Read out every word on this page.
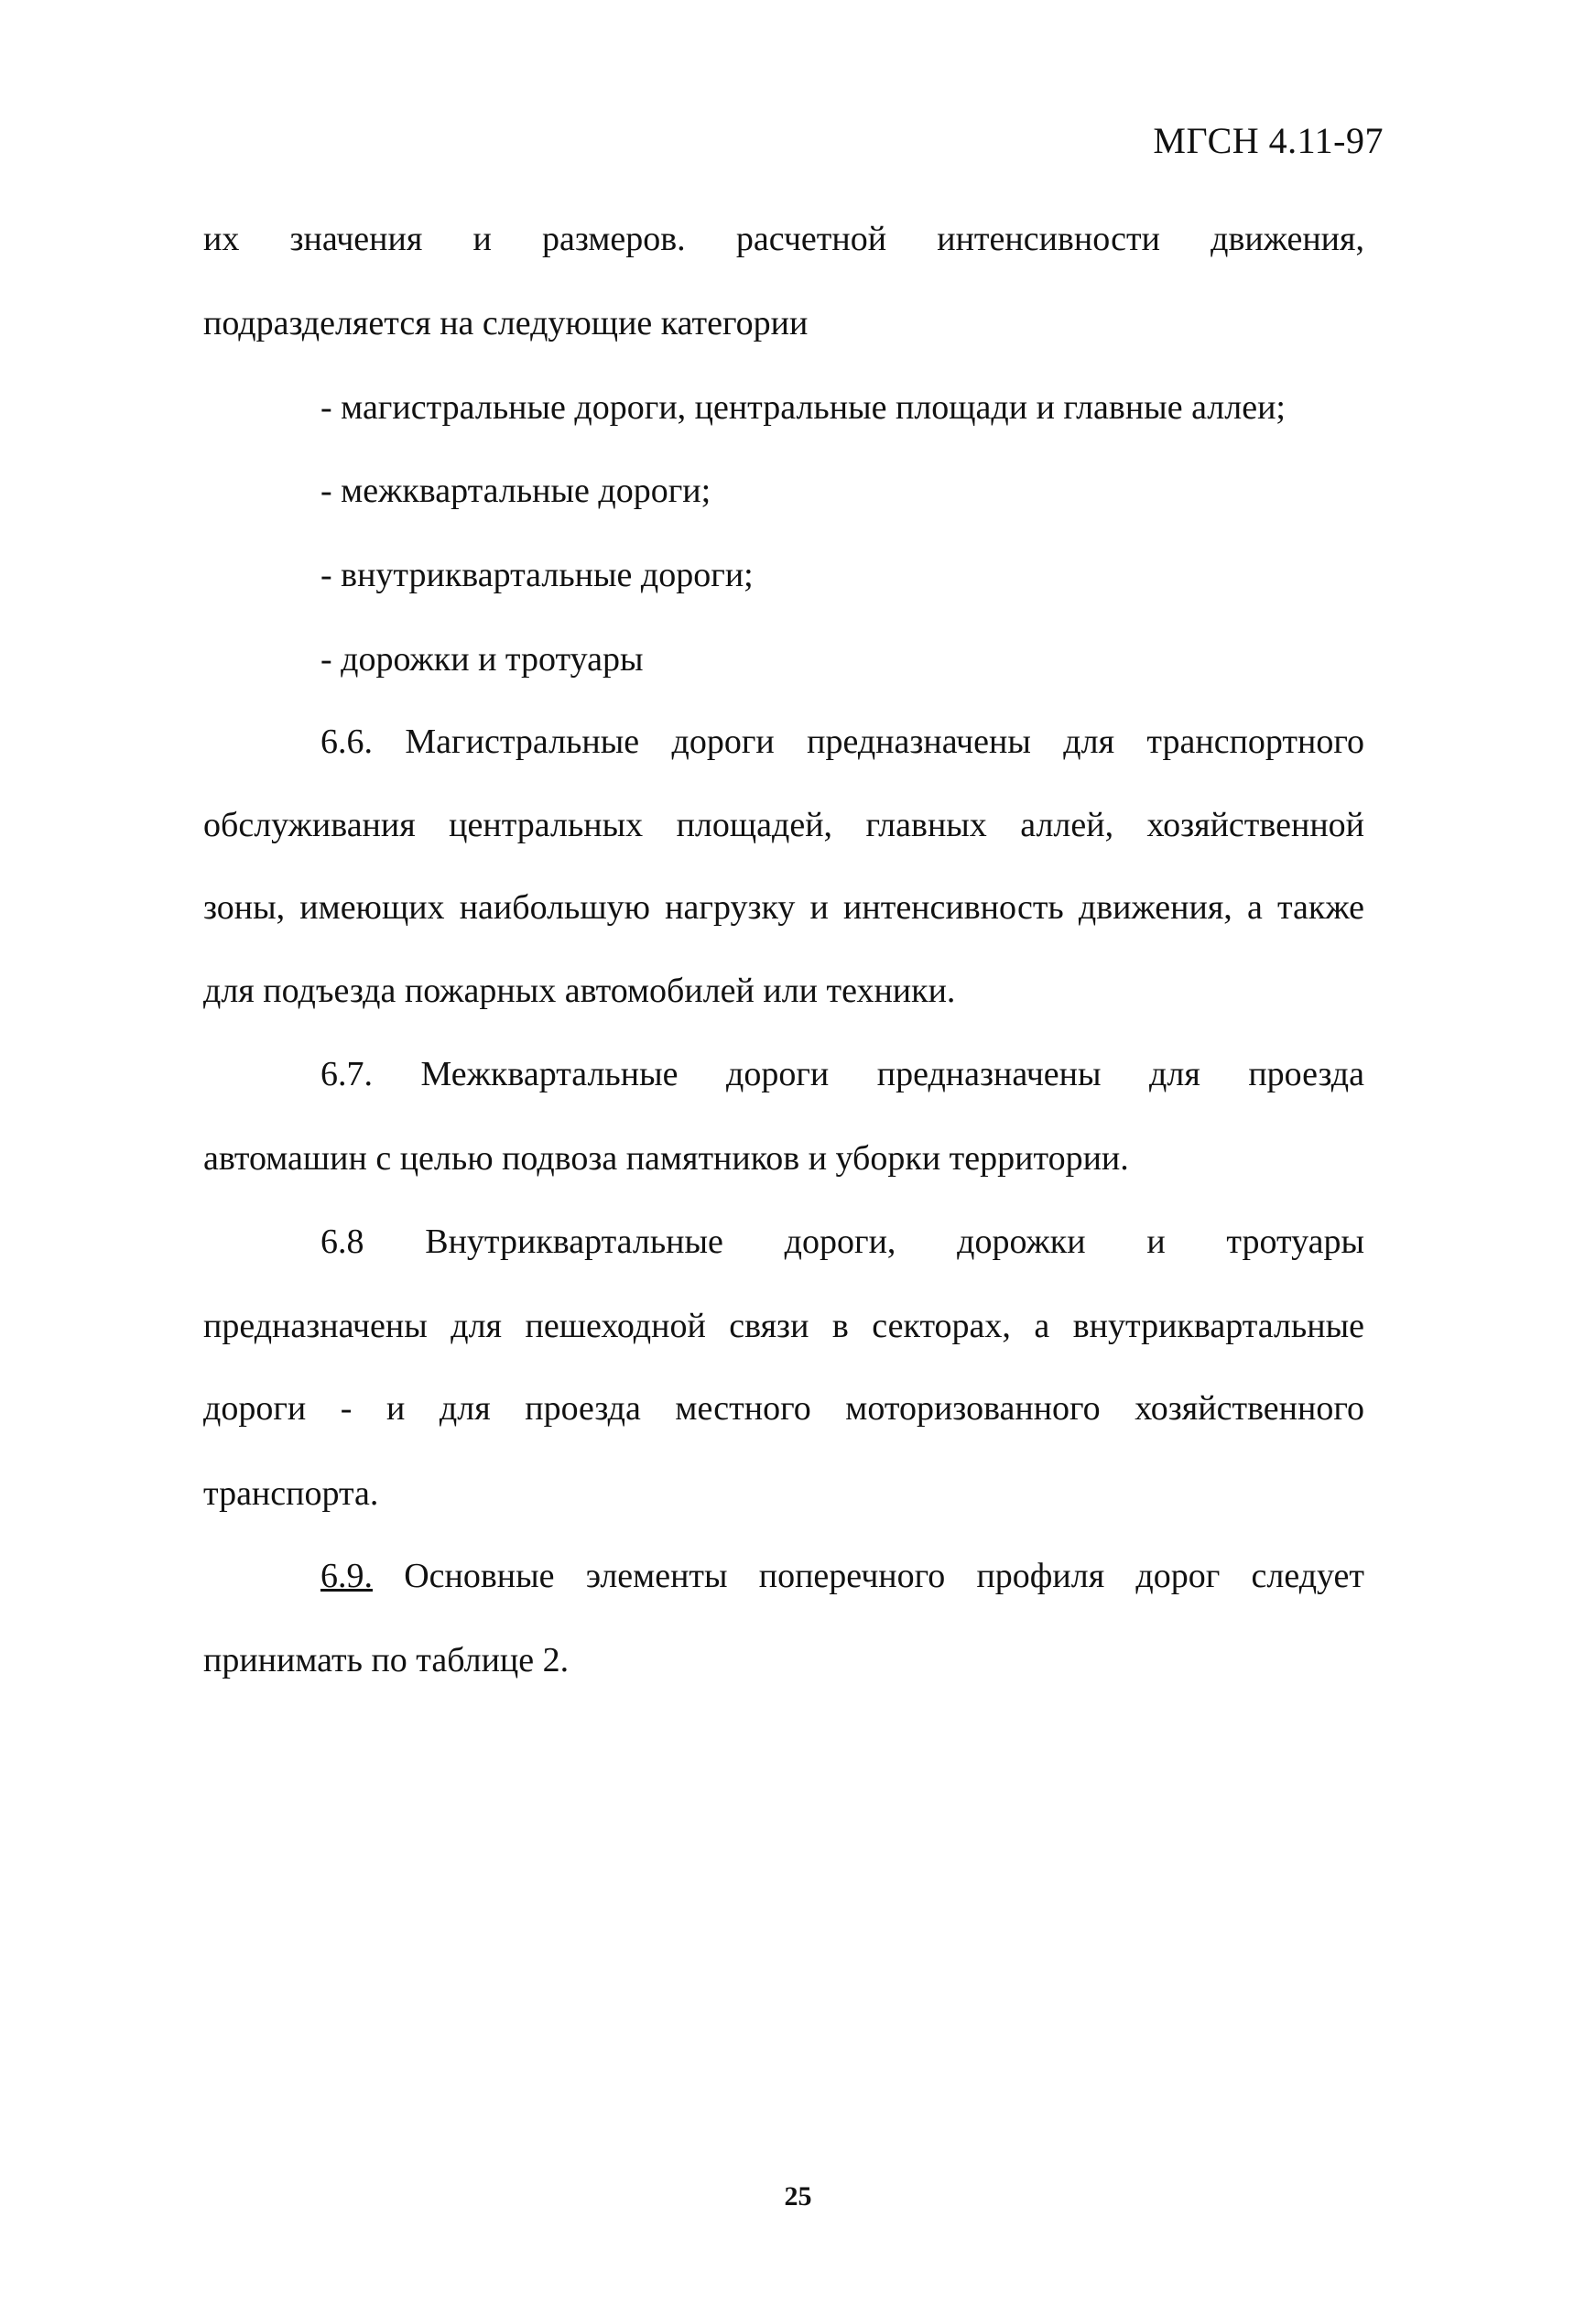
МГСН 4.11-97
их значения и размеров. расчетной интенсивности движения,
подразделяется на следующие категории
- магистральные дороги, центральные площади и главные аллеи;
- межквартальные дороги;
- внутриквартальные дороги;
- дорожки и тротуары
6.6. Магистральные дороги предназначены для транспортного
обслуживания центральных площадей, главных аллей, хозяйственной
зоны, имеющих наибольшую нагрузку и интенсивность движения, а также
для подъезда пожарных автомобилей или техники.
6.7. Межквартальные дороги предназначены для проезда
автомашин с целью подвоза памятников и уборки территории.
6.8 Внутриквартальные дороги, дорожки и тротуары
предназначены для пешеходной связи в секторах, а внутриквартальные
дороги - и для проезда местного моторизованного хозяйственного
транспорта.
6.9. Основные элементы поперечного профиля дорог следует
принимать по таблице 2.
25
